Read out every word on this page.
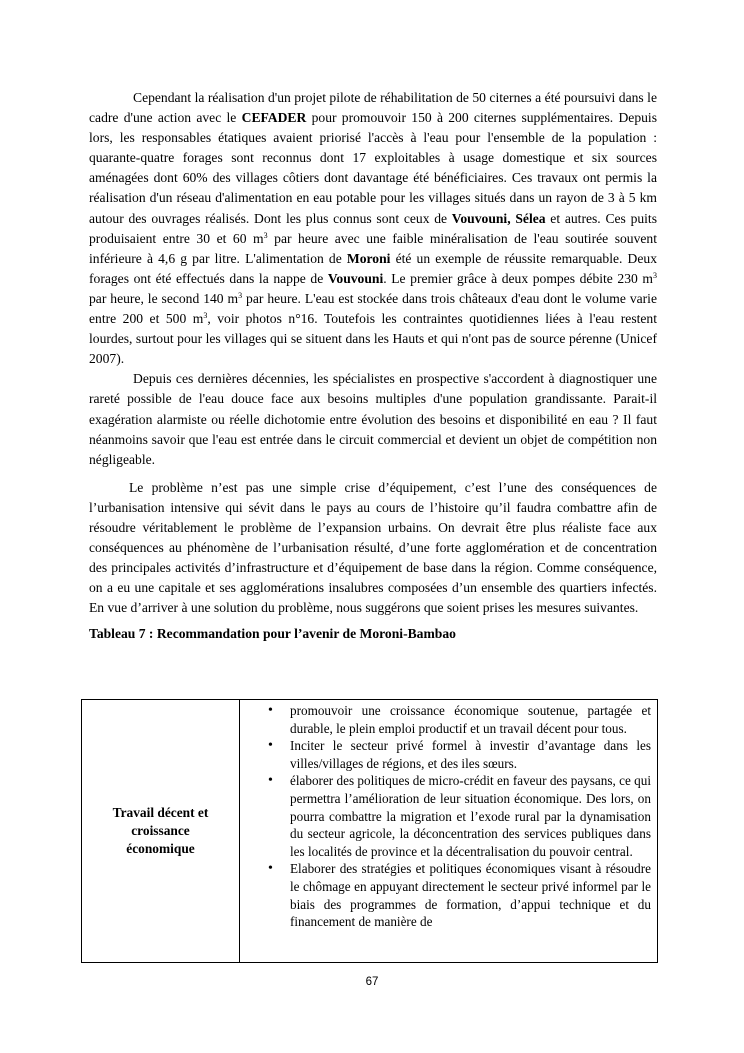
Cependant la réalisation d'un projet pilote de réhabilitation de 50 citernes a été poursuivi dans le cadre d'une action avec le CEFADER pour promouvoir 150 à 200 citernes supplémentaires. Depuis lors, les responsables étatiques avaient priorisé l'accès à l'eau pour l'ensemble de la population : quarante-quatre forages sont reconnus dont 17 exploitables à usage domestique et six sources aménagées dont 60% des villages côtiers dont davantage été bénéficiaires. Ces travaux ont permis la réalisation d'un réseau d'alimentation en eau potable pour les villages situés dans un rayon de 3 à 5 km autour des ouvrages réalisés. Dont les plus connus sont ceux de Vouvouni, Sélea et autres. Ces puits produisaient entre 30 et 60 $m^3$ par heure avec une faible minéralisation de l'eau soutirée souvent inférieure à 4,6 g par litre. L'alimentation de Moroni été un exemple de réussite remarquable. Deux forages ont été effectués dans la nappe de Vouvouni. Le premier grâce à deux pompes débite 230 $m^3$ par heure, le second 140 $m^3$ par heure. L'eau est stockée dans trois châteaux d'eau dont le volume varie entre 200 et 500 $m^3$, voir photos n°16. Toutefois les contraintes quotidiennes liées à l'eau restent lourdes, surtout pour les villages qui se situent dans les Hauts et qui n'ont pas de source pérenne (Unicef 2007).

Depuis ces dernières décennies, les spécialistes en prospective s'accordent à diagnostiquer une rareté possible de l'eau douce face aux besoins multiples d'une population grandissante. Parait-il exagération alarmiste ou réelle dichotomie entre évolution des besoins et disponibilité en eau ? Il faut néanmoins savoir que l'eau est entrée dans le circuit commercial et devient un objet de compétition non négligeable.

Le problème n’est pas une simple crise d’équipement, c’est l’une des conséquences de l’urbanisation intensive qui sévit dans le pays au cours de l’histoire qu’il faudra combattre afin de résoudre véritablement le problème de l’expansion urbains. On devrait être plus réaliste face aux conséquences au phénomène de l’urbanisation résulté, d’une forte agglomération et de concentration des principales activités d’infrastructure et d’équipement de base dans la région. Comme conséquence, on a eu une capitale et ses agglomérations insalubres composées d’un ensemble des quartiers infectés. En vue d’arriver à une solution du problème, nous suggérons que soient prises les mesures suivantes.

Tableau 7 : Recommandation pour l’avenir de Moroni-Bambao
Travail décent et croissance économique

• promouvoir une croissance économique soutenue, partagée et durable, le plein emploi productif et un travail décent pour tous.
• Inciter le secteur privé formel à investir d’avantage dans les villes/villages de régions, et des iles sœurs.
• élaborer des politiques de micro-crédit en faveur des paysans, ce qui permettra l’amélioration de leur situation économique. Des lors, on pourra combattre la migration et l’exode rural par la dynamisation du secteur agricole, la déconcentration des services publiques dans les localités de province et la décentralisation du pouvoir central.
• Elaborer des stratégies et politiques économiques visant à résoudre le chômage en appuyant directement le secteur privé informel par le biais des programmes de formation, d’appui technique et du financement de manière de
67
